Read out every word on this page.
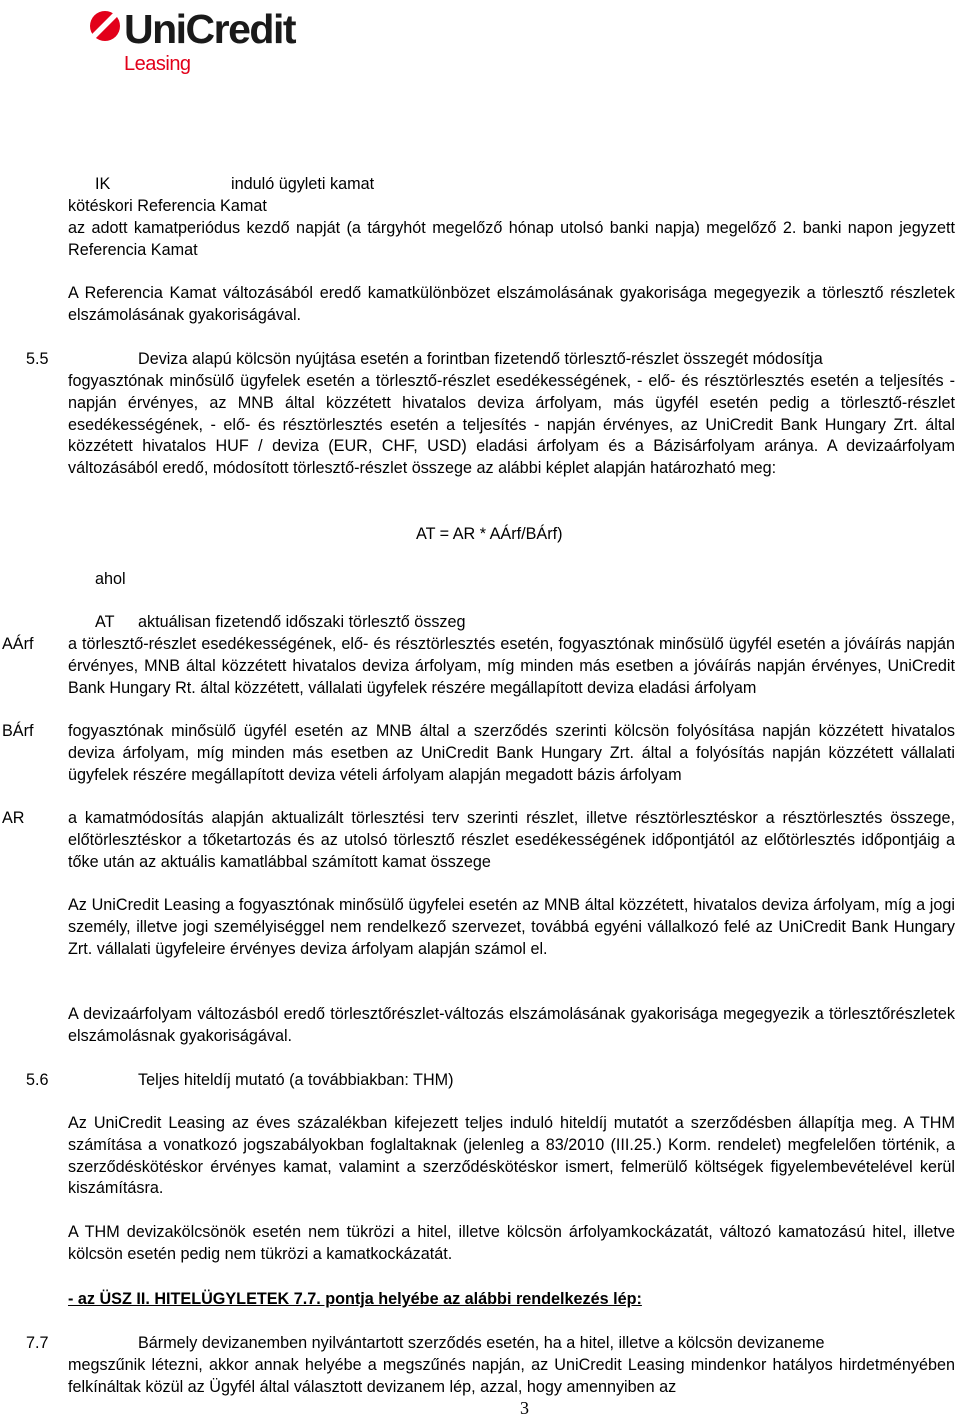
UniCredit
Leasing
IK	induló ügyleti kamat
kötéskori Referencia Kamat

az adott kamatperiódus kezdő napját (a tárgyhót megelőző hónap utolsó banki napja) megelőző 2. banki napon jegyzett Referencia Kamat

A Referencia Kamat változásából eredő kamatkülönbözet elszámolásának gyakorisága megegyezik a törlesztő részletek elszámolásának gyakoriságával.

5.5	Deviza alapú kölcsön nyújtása esetén a forintban fizetendő törlesztő-részlet összegét módosítja

fogyasztónak minősülő ügyfelek esetén a törlesztő-részlet esedékességének, - elő- és résztörlesztés esetén a teljesítés - napján érvényes, az MNB által közzétett hivatalos deviza árfolyam, más ügyfél esetén pedig a törlesztő-részlet esedékességének, - elő- és résztörlesztés esetén a teljesítés - napján érvényes, az UniCredit Bank Hungary Zrt. által közzétett hivatalos HUF / deviza (EUR, CHF, USD) eladási árfolyam és a Bázisárfolyam aránya. A devizaárfolyam változásából eredő, módosított törlesztő-részlet összege az alábbi képlet alapján határozható meg:

AT = AR * AÁrf/BÁrf)
ahol
AT aktuálisan fizetendő időszaki törlesztő összeg
AÁrf a törlesztő-részlet esedékességének, elő- és résztörlesztés esetén, fogyasztónak minősülő ügyfél esetén a jóváírás napján érvényes, MNB által közzétett hivatalos deviza árfolyam, míg minden más esetben a jóváírás napján érvényes, UniCredit Bank Hungary Rt. által közzétett, vállalati ügyfelek részére megállapított deviza eladási árfolyam

BÁrf fogyasztónak minősülő ügyfél esetén az MNB által a szerződés szerinti kölcsön folyósítása napján közzétett hivatalos deviza árfolyam, míg minden más esetben az UniCredit Bank Hungary Zrt. által a folyósítás napján közzétett vállalati ügyfelek részére megállapított deviza vételi árfolyam alapján megadott bázis árfolyam

AR	a kamatmódosítás alapján aktualizált törlesztési terv szerinti részlet, illetve résztörlesztéskor a résztörlesztés összege, előtörlesztéskor a tőketartozás és az utolsó törlesztő részlet esedékességének időpontjától az előtörlesztés időpontjáig a tőke után az aktuális kamatlábbal számított kamat összege

Az UniCredit Leasing a fogyasztónak minősülő ügyfelei esetén az MNB által közzétett, hivatalos deviza árfolyam, míg a jogi személy, illetve jogi személyiséggel nem rendelkező szervezet, továbbá egyéni vállalkozó felé az UniCredit Bank Hungary Zrt. vállalati ügyfeleire érvényes deviza árfolyam alapján számol el.

A devizaárfolyam változásból eredő törlesztőrészlet-változás elszámolásának gyakorisága megegyezik a törlesztőrészletek elszámolásnak gyakoriságával.

5.6	Teljes hiteldíj mutató (a továbbiakban: THM)

Az UniCredit Leasing az éves százalékban kifejezett teljes induló hiteldíj mutatót a szerződésben állapítja meg. A THM számítása a vonatkozó jogszabályokban foglaltaknak (jelenleg a 83/2010 (III.25.) Korm. rendelet) megfelelően történik, a szerződéskötéskor érvényes kamat, valamint a szerződéskötéskor ismert, felmerülő költségek figyelembevételével kerül kiszámításra.

A THM devizakölcsönök esetén nem tükrözi a hitel, illetve kölcsön árfolyamkockázatát, változó kamatozású hitel, illetve kölcsön esetén pedig nem tükrözi a kamatkockázatát.

- az ÜSZ II. HITELÜGYLETEK 7.7. pontja helyébe az alábbi rendelkezés lép:
7.7	Bármely devizanemben nyilvántartott szerződés esetén, ha a hitel, illetve a kölcsön devizaneme

megszűnik létezni, akkor annak helyébe a megszűnés napján, az UniCredit Leasing mindenkor hatályos hirdetményében felkínáltak közül az Ügyfél által választott devizanem lép, azzal, hogy amennyiben az

3
